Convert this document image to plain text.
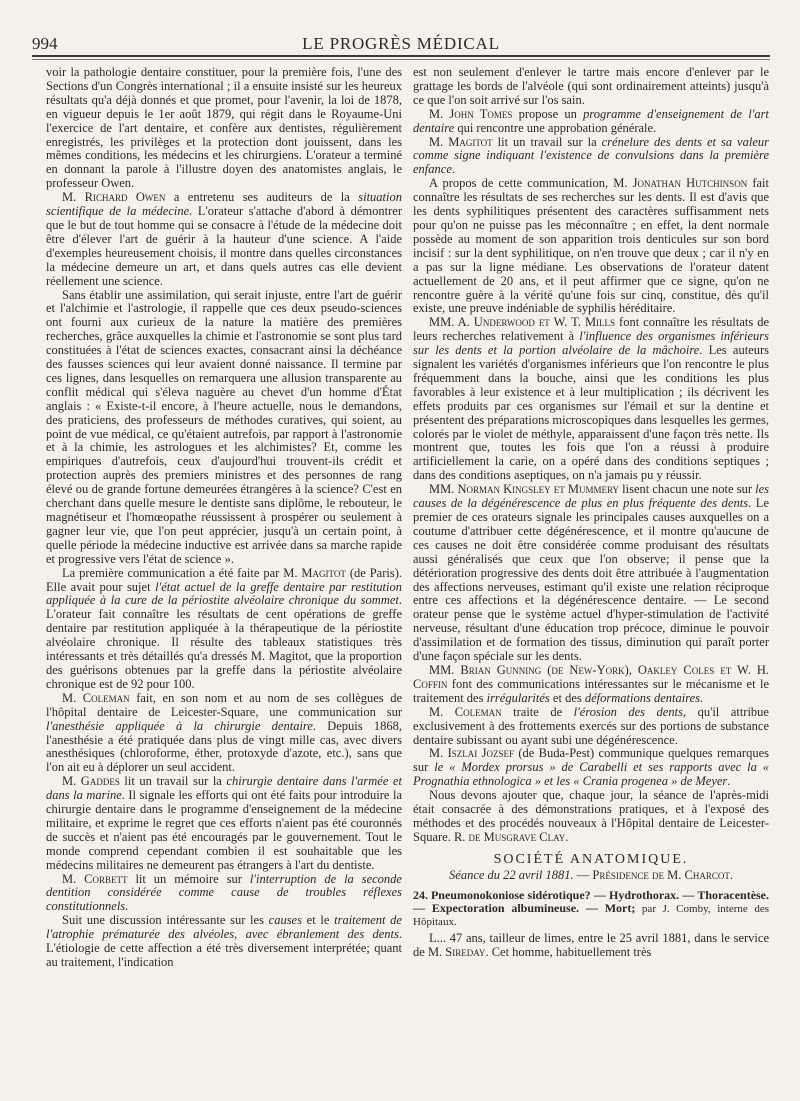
994	LE PROGRÈS MÉDICAL

voir la pathologie dentaire constituer, pour la première fois, l'une des Sections d'un Congrès international ; il a ensuite insisté sur les heureux résultats qu'a déjà donnés et que promet, pour l'avenir, la loi de 1878, en vigueur depuis le 1er août 1879, qui régit dans le Royaume-Uni l'exercice de l'art dentaire, et confère aux dentistes, régulièrement enregistrés, les privilèges et la protection dont jouissent, dans les mêmes conditions, les médecins et les chirurgiens. L'orateur a terminé en donnant la parole à l'illustre doyen des anatomistes anglais, le professeur Owen.

M. Richard Owen a entretenu ses auditeurs de la situation scientifique de la médecine. L'orateur s'attache d'abord à démontrer que le but de tout homme qui se consacre à l'étude de la médecine doit être d'élever l'art de guérir à la hauteur d'une science. A l'aide d'exemples heureusement choisis, il montre dans quelles circonstances la médecine demeure un art, et dans quels autres cas elle devient réellement une science.

Sans établir une assimilation, qui serait injuste, entre l'art de guérir et l'alchimie et l'astrologie, il rappelle que ces deux pseudo-sciences ont fourni aux curieux de la nature la matière des premières recherches, grâce auxquelles la chimie et l'astronomie se sont plus tard constituées à l'état de sciences exactes, consacrant ainsi la déchéance des fausses sciences qui leur avaient donné naissance. Il termine par ces lignes, dans lesquelles on remarquera une allusion transparente au conflit médical qui s'éleva naguère au chevet d'un homme d'État anglais : « Existe-t-il encore, à l'heure actuelle, nous le demandons, des praticiens, des professeurs de méthodes curatives, qui soient, au point de vue médical, ce qu'étaient autrefois, par rapport à l'astronomie et à la chimie, les astrologues et les alchimistes? Et, comme les empiriques d'autrefois, ceux d'aujourd'hui trouvent-ils crédit et protection auprès des premiers ministres et des personnes de rang élevé ou de grande fortune demeurées étrangères à la science? C'est en cherchant dans quelle mesure le dentiste sans diplôme, le rebouteur, le magnétiseur et l'homœopathe réussissent à prospérer ou seulement à gagner leur vie, que l'on peut apprécier, jusqu'à un certain point, à quelle période la médecine inductive est arrivée dans sa marche rapide et progressive vers l'état de science ».

La première communication a été faite par M. Magitot (de Paris). Elle avait pour sujet l'état actuel de la greffe dentaire par restitution appliquée à la cure de la périostite alvéolaire chronique du sommet. L'orateur fait connaître les résultats de cent opérations de greffe dentaire par restitution appliquée à la thérapeutique de la périostite alvéolaire chronique. Il résulte des tableaux statistiques très intéressants et très détaillés qu'a dressés M. Magitot, que la proportion des guérisons obtenues par la greffe dans la périostite alvéolaire chronique est de 92 pour 100.

M. Coleman fait, en son nom et au nom de ses collègues de l'hôpital dentaire de Leicester-Square, une communication sur l'anesthésie appliquée à la chirurgie dentaire. Depuis 1868, l'anesthésie a été pratiquée dans plus de vingt mille cas, avec divers anesthésiques (chloroforme, éther, protoxyde d'azote, etc.), sans que l'on ait eu à déplorer un seul accident.

M. Gaddes lit un travail sur la chirurgie dentaire dans l'armée et dans la marine. Il signale les efforts qui ont été faits pour introduire la chirurgie dentaire dans le programme d'enseignement de la médecine militaire, et exprime le regret que ces efforts n'aient pas été couronnés de succès et n'aient pas été encouragés par le gouvernement. Tout le monde comprend cependant combien il est souhaitable que les médecins militaires ne demeurent pas étrangers à l'art du dentiste.

M. Corbett lit un mémoire sur l'interruption de la seconde dentition considérée comme cause de troubles réflexes constitutionnels.

Suit une discussion intéressante sur les causes et le traitement de l'atrophie prématurée des alvéoles, avec ébranlement des dents. L'étiologie de cette affection a été très diversement interprétée; quant au traitement, l'indication

est non seulement d'enlever le tartre mais encore d'enlever par le grattage les bords de l'alvéole (qui sont ordinairement atteints) jusqu'à ce que l'on soit arrivé sur l'os sain.

M. John Tomes propose un programme d'enseignement de l'art dentaire qui rencontre une approbation générale.

M. Magitot lit un travail sur la crénelure des dents et sa valeur comme signe indiquant l'existence de convulsions dans la première enfance.

A propos de cette communication, M. Jonathan Hutchinson fait connaître les résultats de ses recherches sur les dents. Il est d'avis que les dents syphilitiques présentent des caractères suffisamment nets pour qu'on ne puisse pas les méconnaître ; en effet, la dent normale possède au moment de son apparition trois denticules sur son bord incisif : sur la dent syphilitique, on n'en trouve que deux ; car il n'y en a pas sur la ligne médiane. Les observations de l'orateur datent actuellement de 20 ans, et il peut affirmer que ce signe, qu'on ne rencontre guère à la vérité qu'une fois sur cinq, constitue, dès qu'il existe, une preuve indéniable de syphilis héréditaire.

MM. A. Underwood et W. T. Mills font connaître les résultats de leurs recherches relativement à l'influence des organismes inférieurs sur les dents et la portion alvéolaire de la mâchoire. Les auteurs signalent les variétés d'organismes inférieurs que l'on rencontre le plus fréquemment dans la bouche, ainsi que les conditions les plus favorables à leur existence et à leur multiplication ; ils décrivent les effets produits par ces organismes sur l'émail et sur la dentine et présentent des préparations microscopiques dans lesquelles les germes, colorés par le violet de méthyle, apparaissent d'une façon très nette. Ils montrent que, toutes les fois que l'on a réussi à produire artificiellement la carie, on a opéré dans des conditions septiques ; dans des conditions aseptiques, on n'a jamais pu y réussir.

MM. Norman Kingsley et Mummery lisent chacun une note sur les causes de la dégénérescence de plus en plus fréquente des dents. Le premier de ces orateurs signale les principales causes auxquelles on a coutume d'attribuer cette dégénérescence, et il montre qu'aucune de ces causes ne doit être considérée comme produisant des résultats aussi généralisés que ceux que l'on observe; il pense que la détérioration progressive des dents doit être attribuée à l'augmentation des affections nerveuses, estimant qu'il existe une relation réciproque entre ces affections et la dégénérescence dentaire. — Le second orateur pense que le système actuel d'hyper-stimulation de l'activité nerveuse, résultant d'une éducation trop précoce, diminue le pouvoir d'assimilation et de formation des tissus, diminution qui paraît porter d'une façon spéciale sur les dents.

MM. Brian Gunning (de New-York), Oakley Coles et W. H. Coffin font des communications intéressantes sur le mécanisme et le traitement des irrégularités et des déformations dentaires.

M. Coleman traite de l'érosion des dents, qu'il attribue exclusivement à des frottements exercés sur des portions de substance dentaire subissant ou ayant subi une dégénérescence.

M. Iszlai Jozsef (de Buda-Pest) communique quelques remarques sur le « Mordex prorsus » de Carabelli et ses rapports avec la « Prognathia ethnologica » et les « Crania progenea » de Meyer.

Nous devons ajouter que, chaque jour, la séance de l'après-midi était consacrée à des démonstrations pratiques, et à l'exposé des méthodes et des procédés nouveaux à l'Hôpital dentaire de Leicester-Square. R. de Musgrave Clay.

SOCIÉTÉ ANATOMIQUE.

Séance du 22 avril 1881. — Présidence de M. Charcot.

24. Pneumonokoniose sidérotique? — Hydrothorax. — Thoracentèse. — Expectoration albumineuse. — Mort; par J. Comby, interne des Hôpitaux.

L... 47 ans, tailleur de limes, entre le 25 avril 1881, dans le service de M. Sireday. Cet homme, habituellement très
